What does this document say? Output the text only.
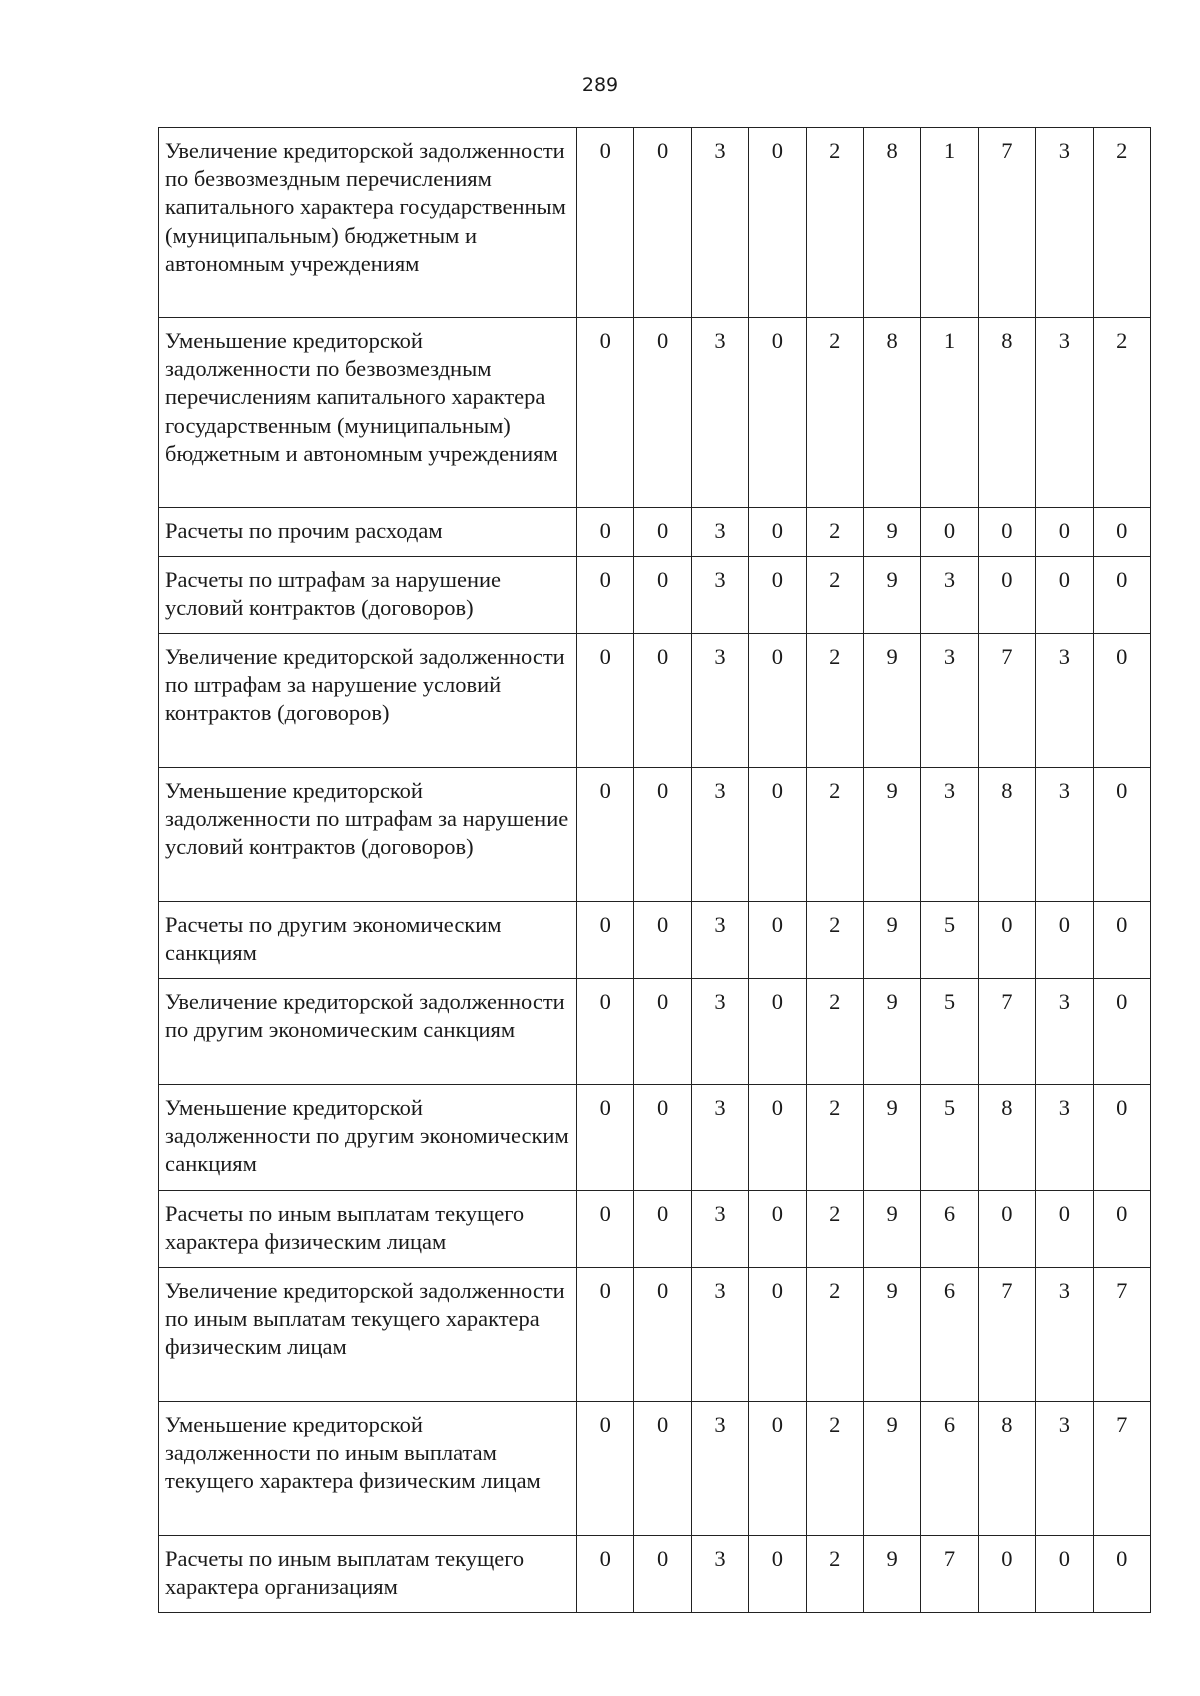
289
Увеличение кредиторской задолженности по безвозмездным перечислениям капитального характера государственным (муниципальным) бюджетным и автономным учреждениям	0	0	3	0	2	8	1	7	3	2
Уменьшение кредиторской задолженности по безвозмездным перечислениям капитального характера государственным (муниципальным) бюджетным и автономным учреждениям	0	0	3	0	2	8	1	8	3	2
Расчеты по прочим расходам	0	0	3	0	2	9	0	0	0	0
Расчеты по штрафам за нарушение условий контрактов (договоров)	0	0	3	0	2	9	3	0	0	0
Увеличение кредиторской задолженности по штрафам за нарушение условий контрактов (договоров)	0	0	3	0	2	9	3	7	3	0
Уменьшение кредиторской задолженности по штрафам за нарушение условий контрактов (договоров)	0	0	3	0	2	9	3	8	3	0
Расчеты по другим экономическим санкциям	0	0	3	0	2	9	5	0	0	0
Увеличение кредиторской задолженности по другим экономическим санкциям	0	0	3	0	2	9	5	7	3	0
Уменьшение кредиторской задолженности по другим экономическим санкциям	0	0	3	0	2	9	5	8	3	0
Расчеты по иным выплатам текущего характера физическим лицам	0	0	3	0	2	9	6	0	0	0
Увеличение кредиторской задолженности по иным выплатам текущего характера физическим лицам	0	0	3	0	2	9	6	7	3	7
Уменьшение кредиторской задолженности по иным выплатам текущего характера физическим лицам	0	0	3	0	2	9	6	8	3	7
Расчеты по иным выплатам текущего характера организациям	0	0	3	0	2	9	7	0	0	0
